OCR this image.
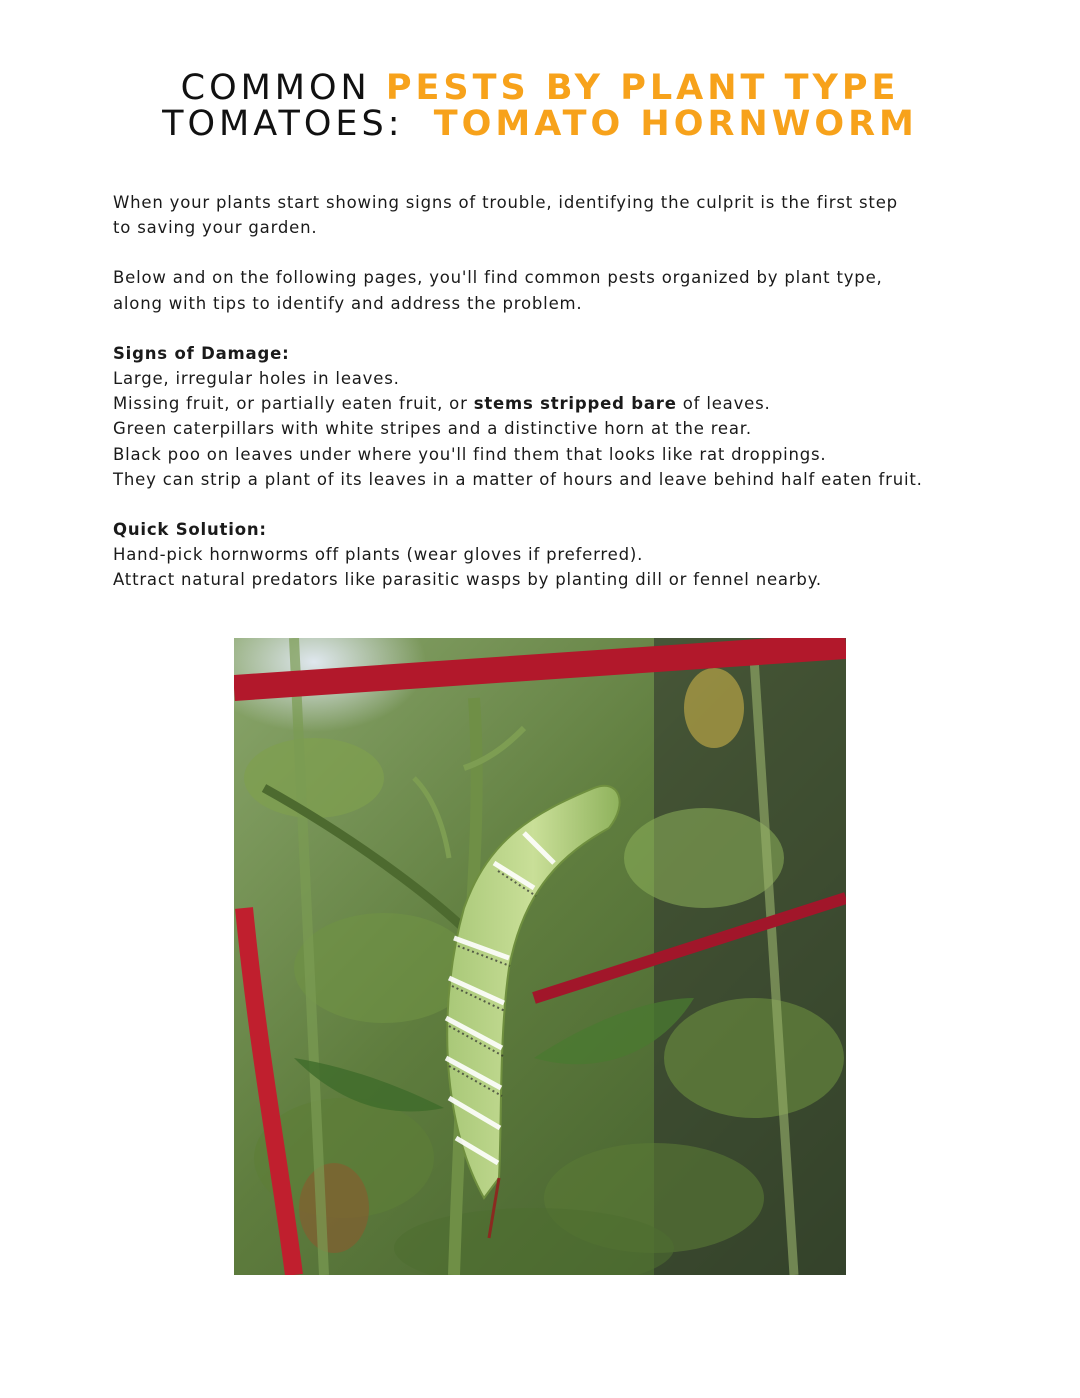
COMMON PESTS BY PLANT TYPE
TOMATOES:  TOMATO HORNWORM
When your plants start showing signs of trouble, identifying the culprit is the first step
to saving your garden.
Below and on the following pages, you'll find common pests organized by plant type,
along with tips to identify and address the problem.
Signs of Damage:
Large, irregular holes in leaves.
Missing fruit, or partially eaten fruit, or stems stripped bare of leaves.
Green caterpillars with white stripes and a distinctive horn at the rear.
Black poo on leaves under where you'll find them that looks like rat droppings.
They can strip a plant of its leaves in a matter of hours and leave behind half eaten fruit.
Quick Solution:
Hand-pick hornworms off plants (wear gloves if preferred).
Attract natural predators like parasitic wasps by planting dill or fennel nearby.
